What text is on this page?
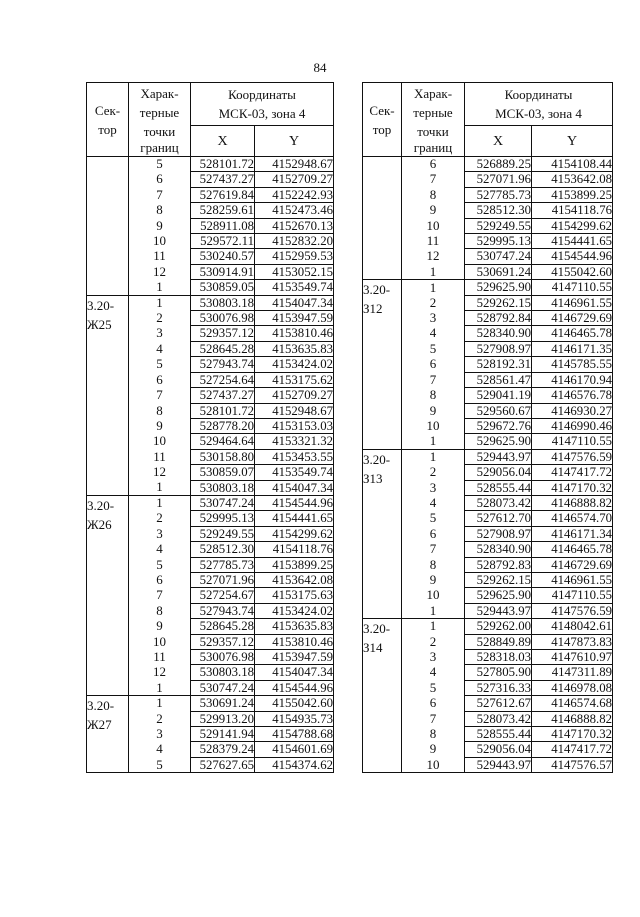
84
Сек-
тор	Харак-
терные
точки
границ	Координаты
МСК-03, зона 4	

		X	Y
	5	528101.72	4152948.67
	6	527437.27	4152709.27
	7	527619.84	4152242.93
	8	528259.61	4152473.46
	9	528911.08	4152670.13
	10	529572.11	4152832.20
	11	530240.57	4152959.53
	12	530914.91	4153052.15
	1	530859.05	4153549.74

3.20-
Ж25	1	530803.18	4154047.34
	2	530076.98	4153947.59
	3	529357.12	4153810.46
	4	528645.28	4153635.83
	5	527943.74	4153424.02
	6	527254.64	4153175.62
	7	527437.27	4152709.27
	8	528101.72	4152948.67
	9	528778.20	4153153.03
	10	529464.64	4153321.32
	11	530158.80	4153453.55
	12	530859.07	4153549.74
	1	530803.18	4154047.34

3.20-
Ж26	1	530747.24	4154544.96
	2	529995.13	4154441.65
	3	529249.55	4154299.62
	4	528512.30	4154118.76
	5	527785.73	4153899.25
	6	527071.96	4153642.08
	7	527254.67	4153175.63
	8	527943.74	4153424.02
	9	528645.28	4153635.83
	10	529357.12	4153810.46
	11	530076.98	4153947.59
	12	530803.18	4154047.34
	1	530747.24	4154544.96

3.20-
Ж27	1	530691.24	4155042.60
	2	529913.20	4154935.73
	3	529141.94	4154788.68
	4	528379.24	4154601.69
	5	527627.65	4154374.62
Сек-
тор	Харак-
терные
точки
границ	Координаты
МСК-03, зона 4	

		X	Y
	6	526889.25	4154108.44
	7	527071.96	4153642.08
	8	527785.73	4153899.25
	9	528512.30	4154118.76
	10	529249.55	4154299.62
	11	529995.13	4154441.65
	12	530747.24	4154544.96
	1	530691.24	4155042.60

3.20-
З12	1	529625.90	4147110.55
	2	529262.15	4146961.55
	3	528792.84	4146729.69
	4	528340.90	4146465.78
	5	527908.97	4146171.35
	6	528192.31	4145785.55
	7	528561.47	4146170.94
	8	529041.19	4146576.78
	9	529560.67	4146930.27
	10	529672.76	4146990.46
	1	529625.90	4147110.55

3.20-
З13	1	529443.97	4147576.59
	2	529056.04	4147417.72
	3	528555.44	4147170.32
	4	528073.42	4146888.82
	5	527612.70	4146574.70
	6	527908.97	4146171.34
	7	528340.90	4146465.78
	8	528792.83	4146729.69
	9	529262.15	4146961.55
	10	529625.90	4147110.55
	1	529443.97	4147576.59

3.20-
З14	1	529262.00	4148042.61
	2	528849.89	4147873.83
	3	528318.03	4147610.97
	4	527805.90	4147311.89
	5	527316.33	4146978.08
	6	527612.67	4146574.68
	7	528073.42	4146888.82
	8	528555.44	4147170.32
	9	529056.04	4147417.72
	10	529443.97	4147576.57
